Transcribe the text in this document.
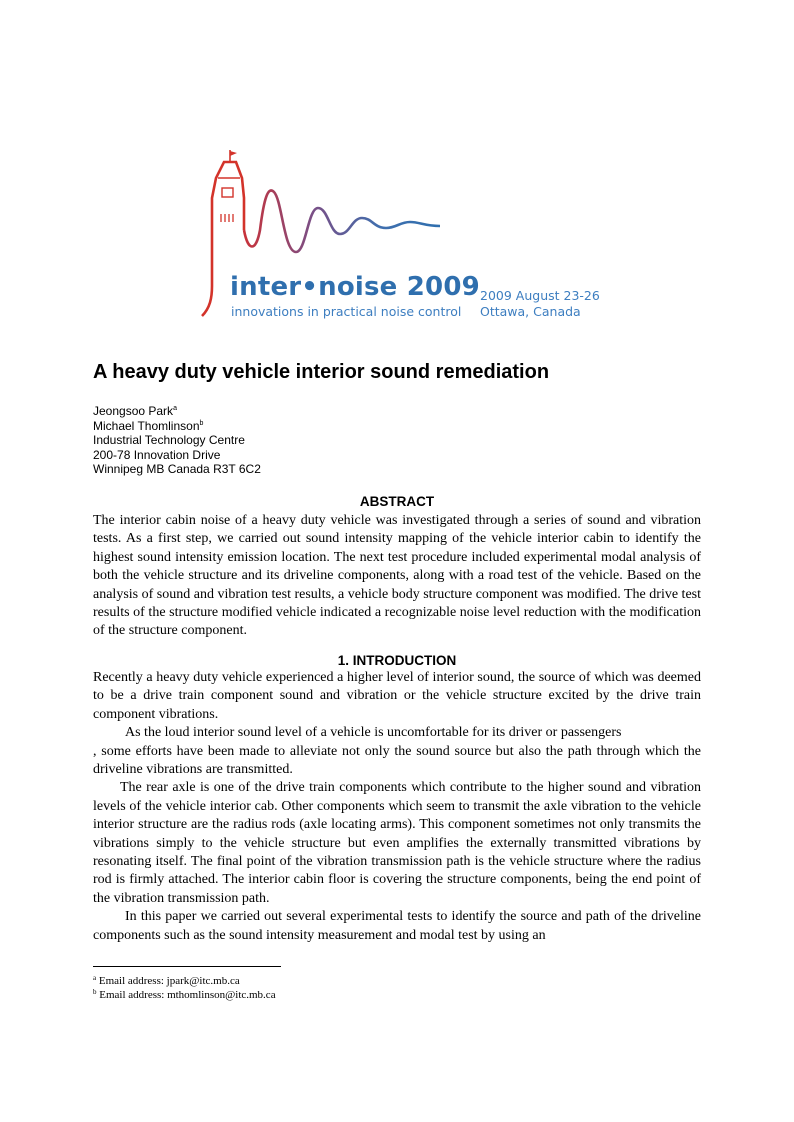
inter•noise 2009
innovations in practical noise control
2009 August 23-26
Ottawa, Canada
A heavy duty vehicle interior sound remediation
Jeongsoo Park$^a$
Michael Thomlinson$^b$
Industrial Technology Centre
200-78 Innovation Drive
Winnipeg MB Canada R3T 6C2
ABSTRACT

The interior cabin noise of a heavy duty vehicle was investigated through a series of sound and vibration tests. As a first step, we carried out sound intensity mapping of the vehicle interior cabin to identify the highest sound intensity emission location. The next test procedure included experimental modal analysis of both the vehicle structure and its driveline components, along with a road test of the vehicle. Based on the analysis of sound and vibration test results, a vehicle body structure component was modified. The drive test results of the structure modified vehicle indicated a recognizable noise level reduction with the modification of the structure component.

1. INTRODUCTION

Recently a heavy duty vehicle experienced a higher level of interior sound, the source of which was deemed to be a drive train component sound and vibration or the vehicle structure excited by the drive train component vibrations.

As the loud interior sound level of a vehicle is uncomfortable for its driver or passengers

, some efforts have been made to alleviate not only the sound source but also the path through which the driveline vibrations are transmitted.

The rear axle is one of the drive train components which contribute to the higher sound and vibration levels of the vehicle interior cab. Other components which seem to transmit the axle vibration to the vehicle interior structure are the radius rods (axle locating arms). This component sometimes not only transmits the vibrations simply to the vehicle structure but even amplifies the externally transmitted vibrations by resonating itself. The final point of the vibration transmission path is the vehicle structure where the radius rod is firmly attached. The interior cabin floor is covering the structure components, being the end point of the vibration transmission path.

In this paper we carried out several experimental tests to identify the source and path of the driveline components such as the sound intensity measurement and modal test by using an

$^a$ Email address: jpark@itc.mb.ca
$^b$ Email address: mthomlinson@itc.mb.ca
